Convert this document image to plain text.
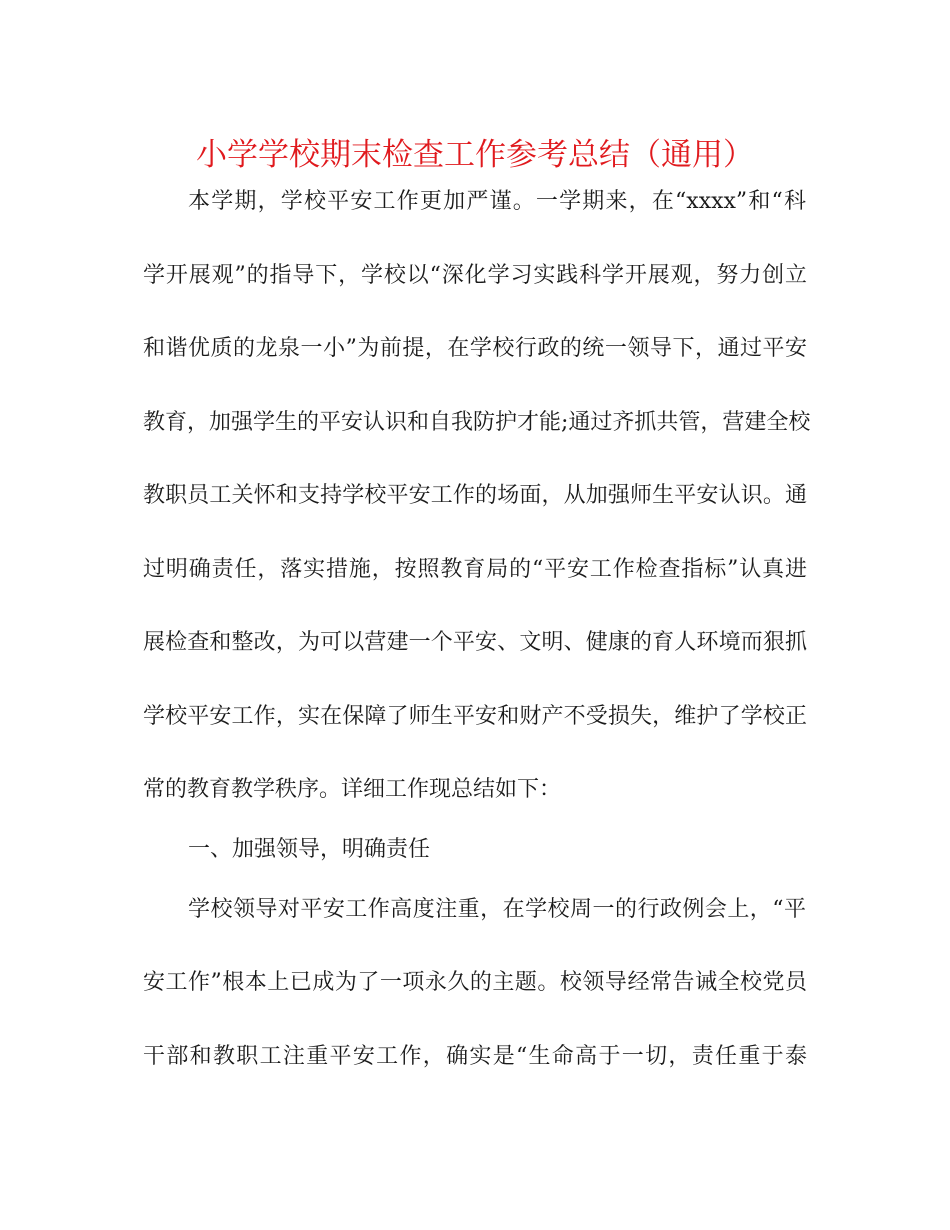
小学学校期末检查工作参考总结（通用）
本学期，学校平安工作更加严谨。一学期来，在“xxxx”和“科
学开展观”的指导下，学校以“深化学习实践科学开展观，努力创立
和谐优质的龙泉一小”为前提，在学校行政的统一领导下，通过平安
教育，加强学生的平安认识和自我防护才能;通过齐抓共管，营建全校
教职员工关怀和支持学校平安工作的场面，从加强师生平安认识。通
过明确责任，落实措施，按照教育局的“平安工作检查指标”认真进
展检查和整改，为可以营建一个平安、文明、健康的育人环境而狠抓
学校平安工作，实在保障了师生平安和财产不受损失，维护了学校正
常的教育教学秩序。详细工作现总结如下：
一、加强领导，明确责任
学校领导对平安工作高度注重，在学校周一的行政例会上，“平
安工作”根本上已成为了一项永久的主题。校领导经常告诫全校党员
干部和教职工注重平安工作，确实是“生命高于一切，责任重于泰
